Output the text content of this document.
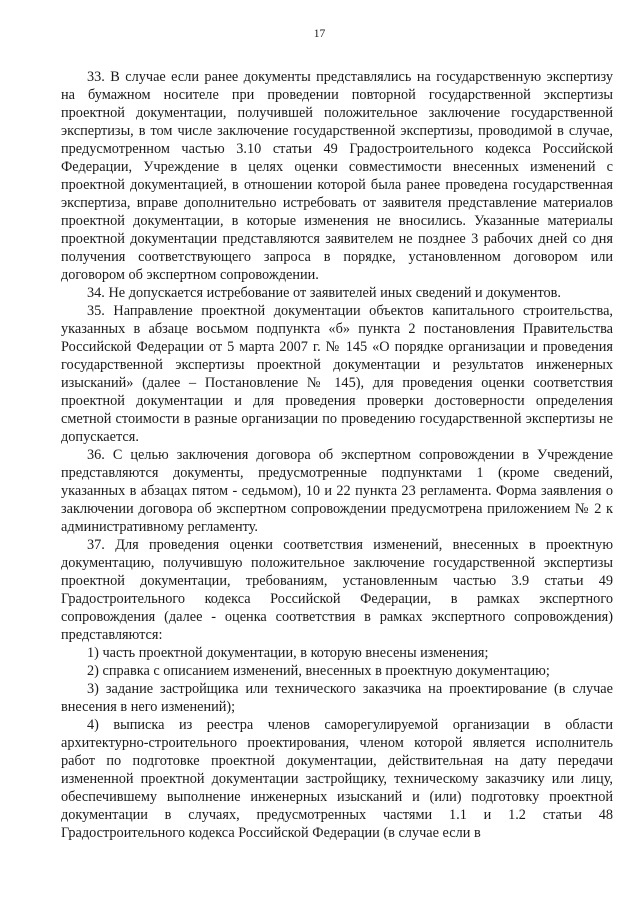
17

33. В случае если ранее документы представлялись на государственную экспертизу на бумажном носителе при проведении повторной государственной экспертизы проектной документации, получившей положительное заключение государственной экспертизы, в том числе заключение государственной экспертизы, проводимой в случае, предусмотренном частью 3.10 статьи 49 Градостроительного кодекса Российской Федерации, Учреждение в целях оценки совместимости внесенных изменений с проектной документацией, в отношении которой была ранее проведена государственная экспертиза, вправе дополнительно истребовать от заявителя представление материалов проектной документации, в которые изменения не вносились. Указанные материалы проектной документации представляются заявителем не позднее 3 рабочих дней со дня получения соответствующего запроса в порядке, установленном договором или договором об экспертном сопровождении.

34. Не допускается истребование от заявителей иных сведений и документов.

35. Направление проектной документации объектов капитального строительства, указанных в абзаце восьмом подпункта «б» пункта 2 постановления Правительства Российской Федерации от 5 марта 2007 г. № 145 «О порядке организации и проведения государственной экспертизы проектной документации и результатов инженерных изысканий» (далее – Постановление № 145), для проведения оценки соответствия проектной документации и для проведения проверки достоверности определения сметной стоимости в разные организации по проведению государственной экспертизы не допускается.

36. С целью заключения договора об экспертном сопровождении в Учреждение представляются документы, предусмотренные подпунктами 1 (кроме сведений, указанных в абзацах пятом - седьмом), 10 и 22 пункта 23 регламента. Форма заявления о заключении договора об экспертном сопровождении предусмотрена приложением № 2 к административному регламенту.

37. Для проведения оценки соответствия изменений, внесенных в проектную документацию, получившую положительное заключение государственной экспертизы проектной документации, требованиям, установленным частью 3.9 статьи 49 Градостроительного кодекса Российской Федерации, в рамках экспертного сопровождения (далее - оценка соответствия в рамках экспертного сопровождения) представляются:

1) часть проектной документации, в которую внесены изменения;

2) справка с описанием изменений, внесенных в проектную документацию;

3) задание застройщика или технического заказчика на проектирование (в случае внесения в него изменений);

4) выписка из реестра членов саморегулируемой организации в области архитектурно-строительного проектирования, членом которой является исполнитель работ по подготовке проектной документации, действительная на дату передачи измененной проектной документации застройщику, техническому заказчику или лицу, обеспечившему выполнение инженерных изысканий и (или) подготовку проектной документации в случаях, предусмотренных частями 1.1 и 1.2 статьи 48 Градостроительного кодекса Российской Федерации (в случае если в
